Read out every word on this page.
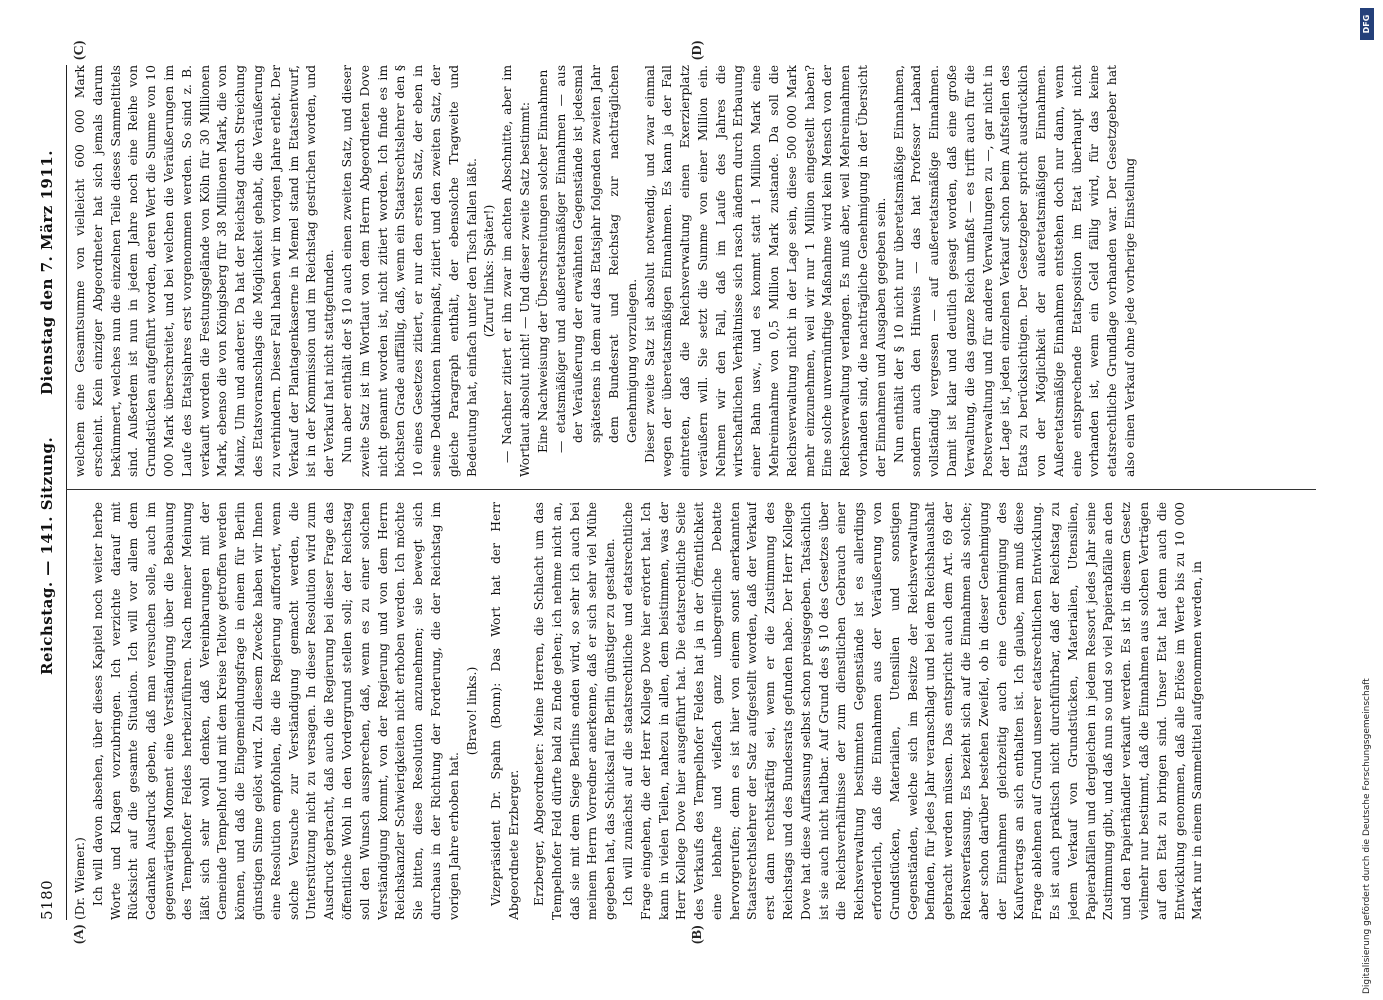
5180
Reichstag. — 141. Sitzung.
Dienstag den 7. März 1911.
(A)	(B)
(C)	(D)

(Dr. Wiemer.) Ich will davon absehen, über dieses Kapitel noch weiter herbe Worte und Klagen vorzubringen. Ich verzichte darauf mit Rücksicht auf die gesamte Situation. Ich will vor allem dem Gedanken Ausdruck geben, daß man versuchen solle, auch im gegenwärtigen Moment eine Verständigung über die Bebauung des Tempelhofer Feldes herbeizuführen. Nach meiner Meinung läßt sich sehr wohl denken, daß Vereinbarungen mit der Gemeinde Tempelhof und mit dem Kreise Teltow getroffen werden können, und daß die Eingemeindungsfrage in einem für Berlin günstigen Sinne gelöst wird. Zu diesem Zwecke haben wir Ihnen eine Resolution empfohlen, die die Regierung auffordert, wenn solche Versuche zur Verständigung gemacht werden, die Unterstützung nicht zu versagen. In dieser Resolution wird zum Ausdruck gebracht, daß auch die Regierung bei dieser Frage das öffentliche Wohl in den Vordergrund stellen soll; der Reichstag soll den Wunsch aussprechen, daß, wenn es zu einer solchen Verständigung kommt, von der Regierung und von dem Herrn Reichskanzler Schwierigkeiten nicht erhoben werden. Ich möchte Sie bitten, diese Resolution anzunehmen; sie bewegt sich durchaus in der Richtung der Forderung, die der Reichstag im vorigen Jahre erhoben hat.

(Bravo! links.) Vizepräsident Dr. Spahn (Bonn): Das Wort hat der Herr Abgeordnete Erzberger. Erzberger, Abgeordneter: Meine Herren, die Schlacht um das Tempelhofer Feld dürfte bald zu Ende gehen; ich nehme nicht an, daß sie mit dem Siege Berlins enden wird, so sehr ich auch bei meinem Herrn Vorredner anerkenne, daß er sich sehr viel Mühe gegeben hat, das Schicksal für Berlin günstiger zu gestalten. Ich will zunächst auf die staatsrechtliche und etatsrechtliche Frage eingehen, die der Herr Kollege Dove hier erörtert hat. Ich kann in vielen Teilen, nahezu in allen, dem beistimmen, was der Herr Kollege Dove hier ausgeführt hat. Die etatsrechtliche Seite des Verkaufs des Tempelhofer Feldes hat ja in der Öffentlichkeit eine lebhafte und vielfach ganz unbegreifliche Debatte hervorgerufen; denn es ist hier von einem sonst anerkannten Staatsrechtslehrer der Satz aufgestellt worden, daß der Verkauf erst dann rechtskräftig sei, wenn er die Zustimmung des Reichstags und des Bundesrats gefunden habe. Der Herr Kollege Dove hat diese Auffassung selbst schon preisgegeben. Tatsächlich ist sie auch nicht haltbar. Auf Grund des § 10 des Gesetzes über die Reichsverhältnisse der zum dienstlichen Gebrauch einer Reichsverwaltung bestimmten Gegenstände ist es allerdings erforderlich, daß die Einnahmen aus der Veräußerung von Grundstücken, Materialien, Utensilien und sonstigen Gegenständen, welche sich im Besitze der Reichsverwaltung befinden, für jedes Jahr veranschlagt und bei dem Reichshaushalt gebracht werden müssen. Das entspricht auch dem Art. 69 der Reichsverfassung. Es bezieht sich auf die Einnahmen als solche; aber schon darüber bestehen Zweifel, ob in dieser Genehmigung der Einnahmen gleichzeitig auch eine Genehmigung des Kaufvertrags an sich enthalten ist. Ich glaube, man muß diese Frage ablehnen auf Grund unserer etatsrechtlichen Entwicklung. Es ist auch praktisch nicht durchführbar, daß der Reichstag zu jedem Verkauf von Grundstücken, Materialien, Utensilien, Papierabfällen und dergleichen in jedem Ressort jedes Jahr seine Zustimmung gibt, und daß nun so und so viel Papierabfälle an den und den Papierhändler verkauft werden. Es ist in diesem Gesetz vielmehr nur bestimmt, daß die Einnahmen aus solchen Verträgen auf den Etat zu bringen sind. Unser Etat hat denn auch die Entwicklung genommen, daß alle Erlöse im Werte bis zu 10 000 Mark nur in einem Sammeltitel aufgenommen werden, in

welchem eine Gesamtsumme von vielleicht 600 000 Mark erscheint. Kein einziger Abgeordneter hat sich jemals darum bekümmert, welches nun die einzelnen Teile dieses Sammeltitels sind. Außerdem ist nun in jedem Jahre noch eine Reihe von Grundstücken aufgeführt worden, deren Wert die Summe von 10 000 Mark überschreitet, und bei welchen die Veräußerungen im Laufe des Etatsjahres erst vorgenommen werden. So sind z. B. verkauft worden die Festungsgelände von Köln für 30 Millionen Mark, ebenso die von Königsberg für 38 Millionen Mark, die von Mainz, Ulm und anderer. Da hat der Reichstag durch Streichung des Etatsvoranschlags die Möglichkeit gehabt, die Veräußerung zu verhindern. Dieser Fall haben wir im vorigen Jahre erlebt. Der Verkauf der Plantagenkaserne in Memel stand im Etatsentwurf, ist in der Kommission und im Reichstag gestrichen worden, und der Verkauf hat nicht stattgefunden. Nun aber enthält der § 10 auch einen zweiten Satz, und dieser zweite Satz ist im Wortlaut von dem Herrn Abgeordneten Dove nicht genannt worden ist, nicht zitiert worden. Ich finde es im höchsten Grade auffällig, daß, wenn ein Staatsrechtslehrer den § 10 eines Gesetzes zitiert, er nur den ersten Satz, der eben in seine Deduktionen hineinpaßt, zitiert und den zweiten Satz, der gleiche Paragraph enthält, der ebensolche Tragweite und Bedeutung hat, einfach unter den Tisch fallen läßt. (Zuruf links: Später!) — Nachher zitiert er ihn zwar im achten Abschnitte, aber im Wortlaut absolut nicht! — Und dieser zweite Satz bestimmt: Eine Nachweisung der Überschreitungen solcher Einnahmen — etatsmäßiger und außeretatsmäßiger Einnahmen — aus der Veräußerung der erwähnten Gegenstände ist jedesmal spätestens in dem auf das Etatsjahr folgenden zweiten Jahr dem Bundesrat und Reichstag zur nachträglichen Genehmigung vorzulegen. Dieser zweite Satz ist absolut notwendig, und zwar einmal wegen der überetatsmäßigen Einnahmen. Es kann ja der Fall eintreten, daß die Reichsverwaltung einen Exerzierplatz veräußern will. Sie setzt die Summe von einer Million ein. Nehmen wir den Fall, daß im Laufe des Jahres die wirtschaftlichen Verhältnisse sich rasch ändern durch Erbauung einer Bahn usw., und es kommt statt 1 Million Mark eine Mehreinnahme von 0,5 Million Mark zustande. Da soll die Reichsverwaltung nicht in der Lage sein, diese 500 000 Mark mehr einzunehmen, weil wir nur 1 Million eingestellt haben? Eine solche unvernünftige Maßnahme wird kein Mensch von der Reichsverwaltung verlangen. Es muß aber, weil Mehreinnahmen vorhanden sind, die nachträgliche Genehmigung in der Übersicht der Einnahmen und Ausgaben gegeben sein. Nun enthält der § 10 nicht nur überetatsmäßige Einnahmen, sondern auch den Hinweis — das hat Professor Laband vollständig vergessen — auf außeretatsmäßige Einnahmen. Damit ist klar und deutlich gesagt worden, daß eine große Verwaltung, die das ganze Reich umfaßt — es trifft auch für die Postverwaltung und für andere Verwaltungen zu —, gar nicht in der Lage ist, jeden einzelnen Verkauf schon beim Aufstellen des Etats zu berücksichtigen. Der Gesetzgeber spricht ausdrücklich von der Möglichkeit der außeretatsmäßigen Einnahmen. Außeretatsmäßige Einnahmen entstehen doch nur dann, wenn eine entsprechende Etatsposition im Etat überhaupt nicht vorhanden ist, wenn ein Geld fällig wird, für das keine etatsrechtliche Grundlage vorhanden war. Der Gesetzgeber hat also einen Verkauf ohne jede vorherige Einstellung

Digitalisierung gefördert durch die Deutsche Forschungsgemeinschaft
DFG
